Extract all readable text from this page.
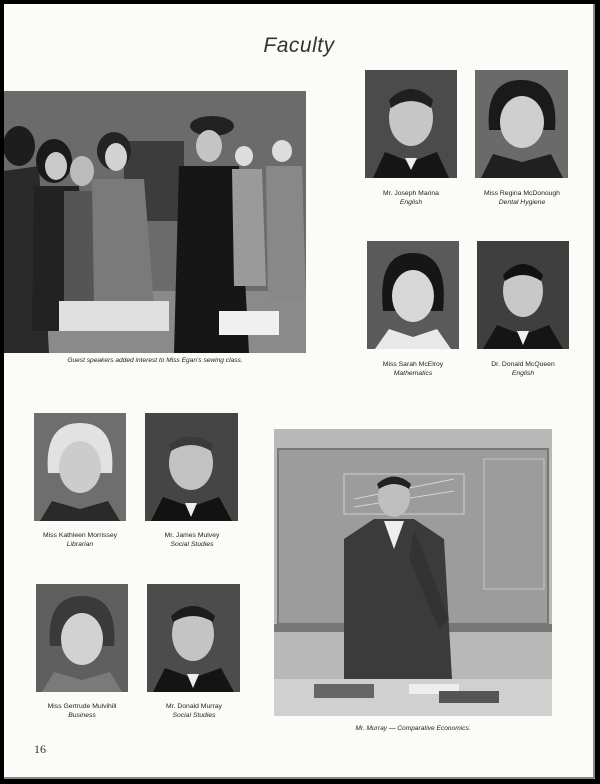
Faculty
Guest speakers added interest to Miss Egan's sewing class.
Mr. Joseph Marina
English
Miss Regina McDonough
Dental Hygiene
Miss Sarah McElroy
Mathematics
Dr. Donald McQueen
English
Miss Kathleen Morrissey
Librarian
Mr. James Mulvey
Social Studies
Miss Gertrude Mulvihill
Business
Mr. Donald Murray
Social Studies
Mr. Murray — Comparative Economics.
16
